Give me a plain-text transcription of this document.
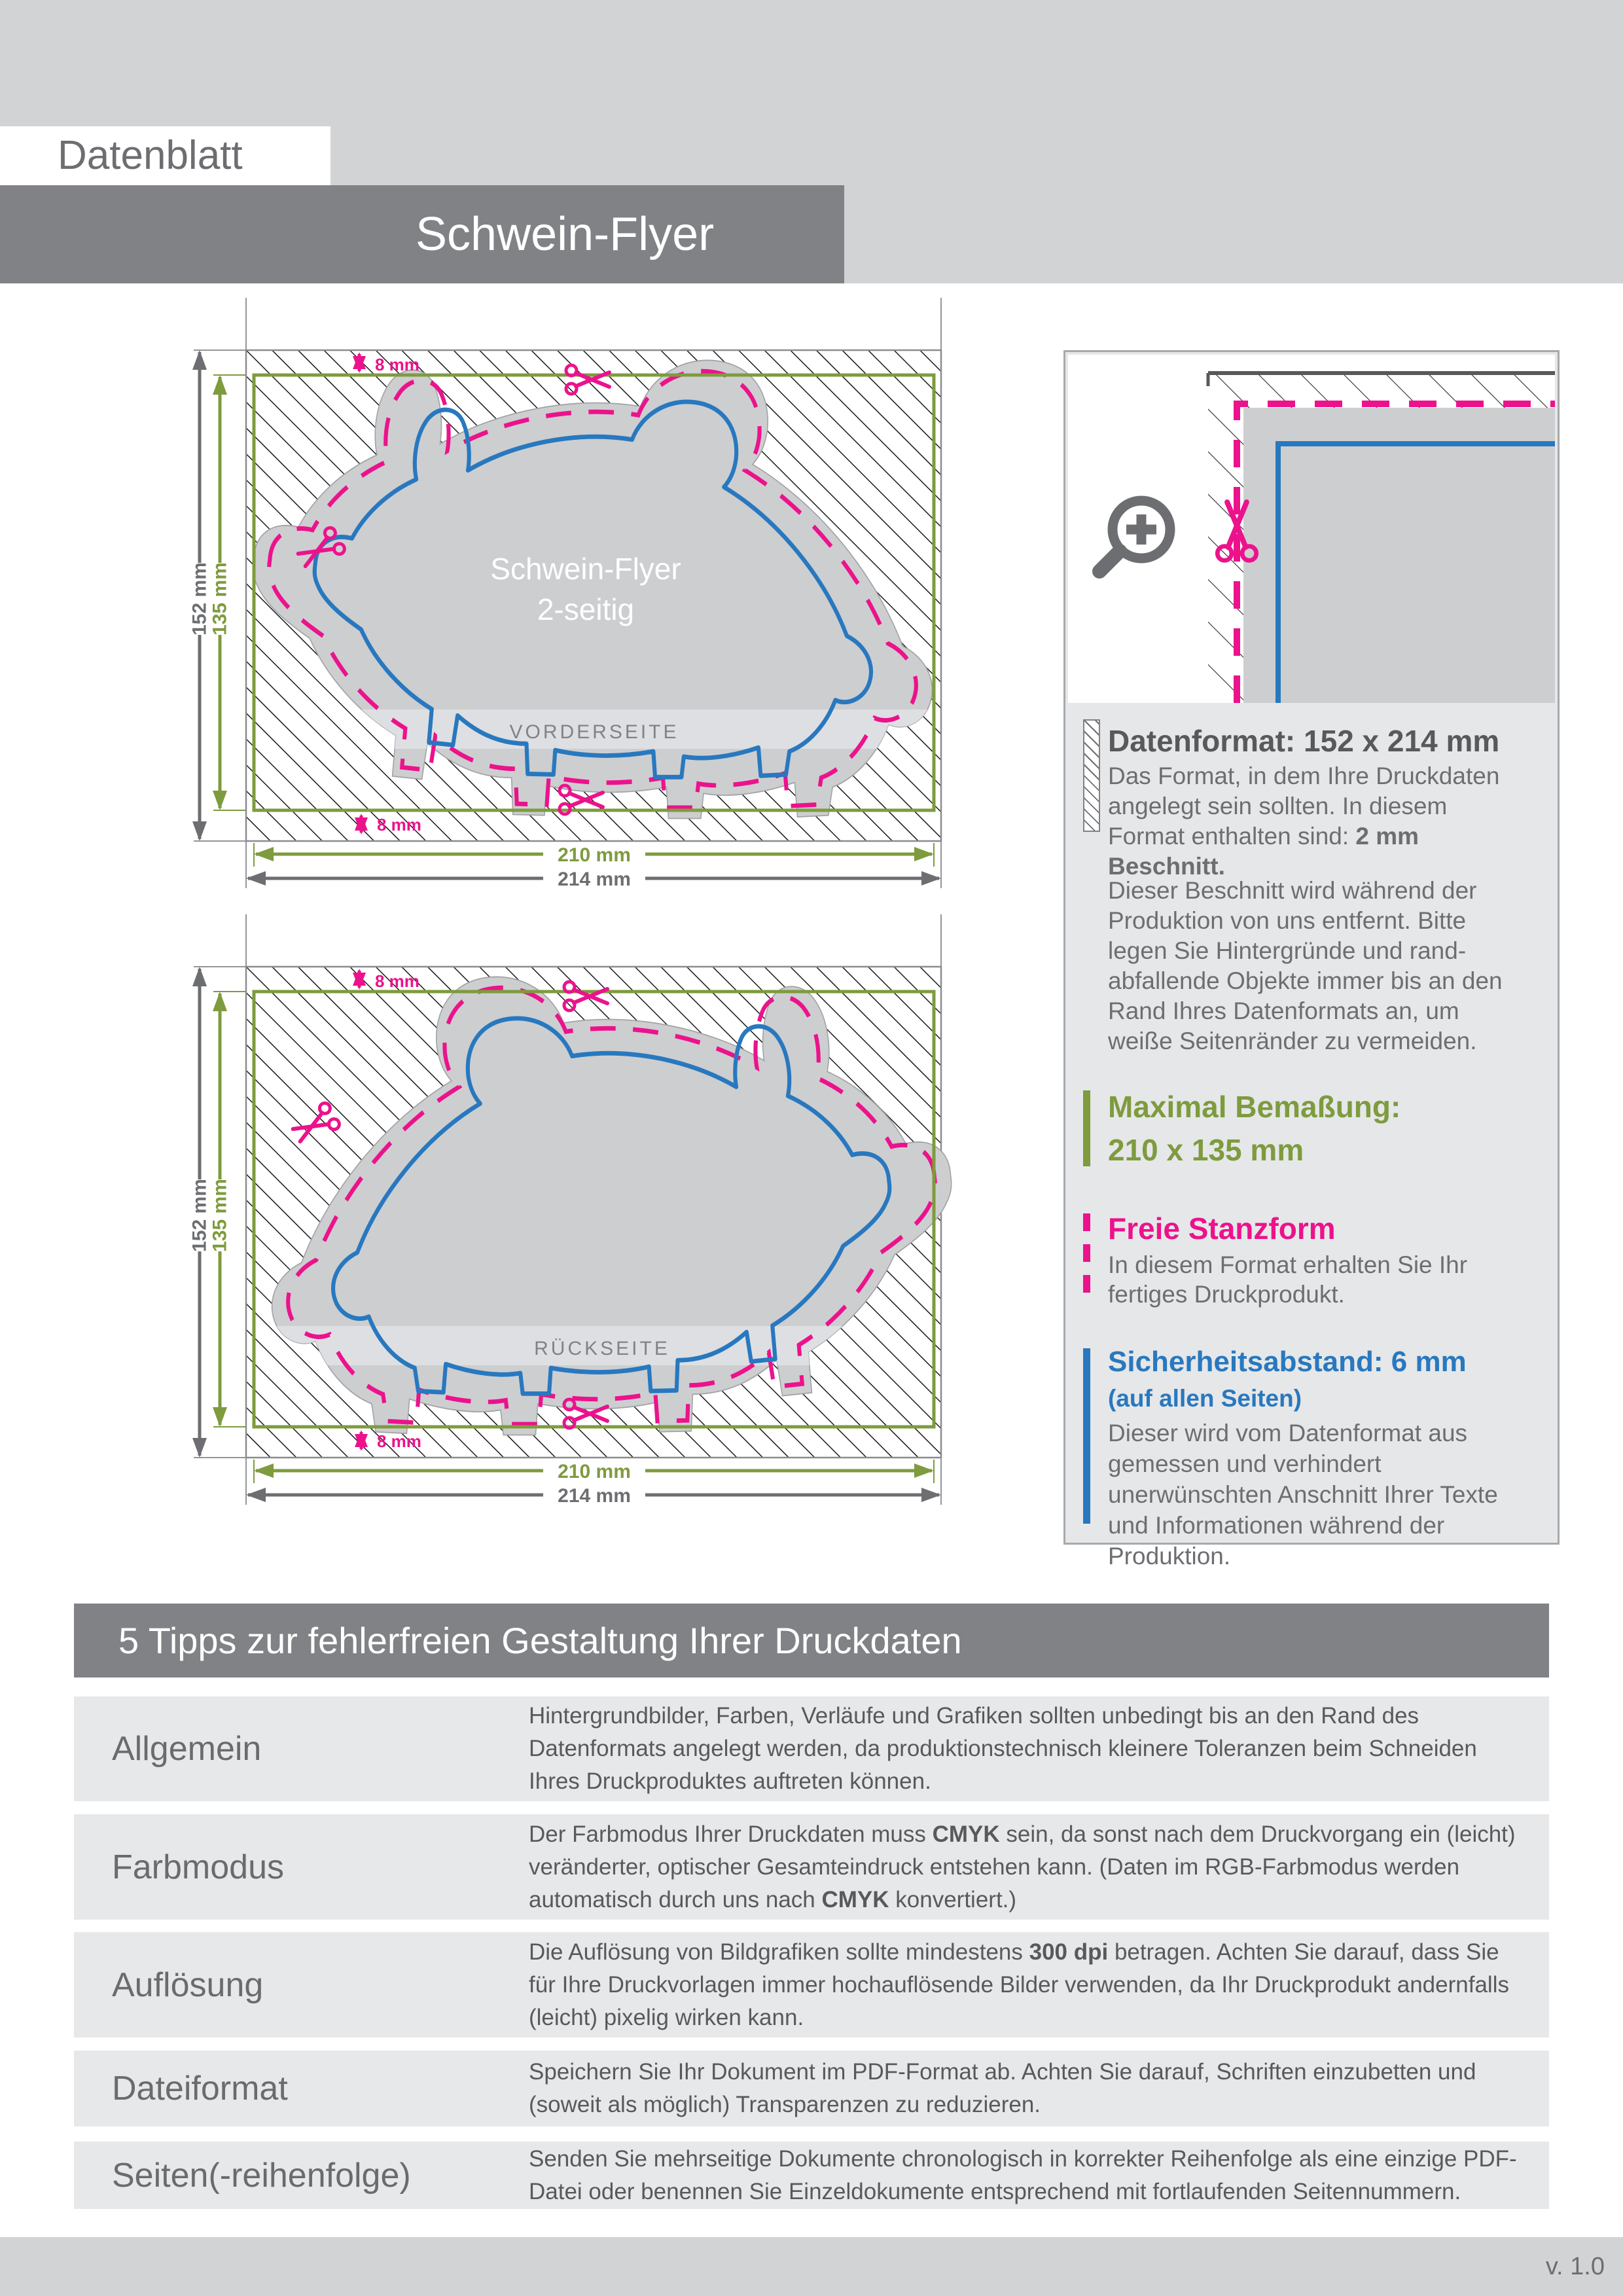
Datenblatt
Schwein-Flyer
Schwein-Flyer
2-seitig
VORDERSEITE
8 mm
8 mm
152 mm
135 mm
210 mm
214 mm
RÜCKSEITE
8 mm
8 mm
152 mm
135 mm
210 mm
214 mm
Datenformat: 152 x 214 mm
Das Format, in dem Ihre Druckdaten angelegt sein sollten. In diesem Format enthalten sind: 2 mm Beschnitt.
Dieser Beschnitt wird während der Produktion von uns entfernt. Bitte legen Sie Hintergründe und rand- abfallende Objekte immer bis an den Rand Ihres Datenformats an, um weiße Seitenränder zu vermeiden.
Maximal Bemaßung:
210 x 135 mm
Freie Stanzform
In diesem Format erhalten Sie Ihr fertiges Druckprodukt.
Sicherheitsabstand: 6 mm
(auf allen Seiten)
Dieser wird vom Datenformat aus gemessen und verhindert unerwünschten Anschnitt Ihrer Texte und Informationen während der Produktion.
5 Tipps zur fehlerfreien Gestaltung Ihrer Druckdaten
Allgemein
Hintergrundbilder, Farben, Verläufe und Grafiken sollten unbedingt bis an den Rand des Datenformats angelegt werden, da produktionstechnisch kleinere Toleranzen beim Schneiden Ihres Druckproduktes auftreten können.
Farbmodus
Der Farbmodus Ihrer Druckdaten muss CMYK sein, da sonst nach dem Druckvorgang ein (leicht) veränderter, optischer Gesamteindruck entstehen kann. (Daten im RGB-Farbmodus werden automatisch durch uns nach CMYK konvertiert.)
Auflösung
Die Auflösung von Bildgrafiken sollte mindestens 300 dpi betragen. Achten Sie darauf, dass Sie für Ihre Druckvorlagen immer hochauflösende Bilder verwenden, da Ihr Druckprodukt andernfalls (leicht) pixelig wirken kann.
Dateiformat	Speichern Sie Ihr Dokument im PDF-Format ab. Achten Sie darauf, Schriften einzubetten und (soweit als möglich) Transparenzen zu reduzieren.
Seiten(-reihenfolge)	Senden Sie mehrseitige Dokumente chronologisch in korrekter Reihenfolge als eine einzige PDF-Datei oder benennen Sie Einzeldokumente entsprechend mit fortlaufenden Seitennummern.
v. 1.0
